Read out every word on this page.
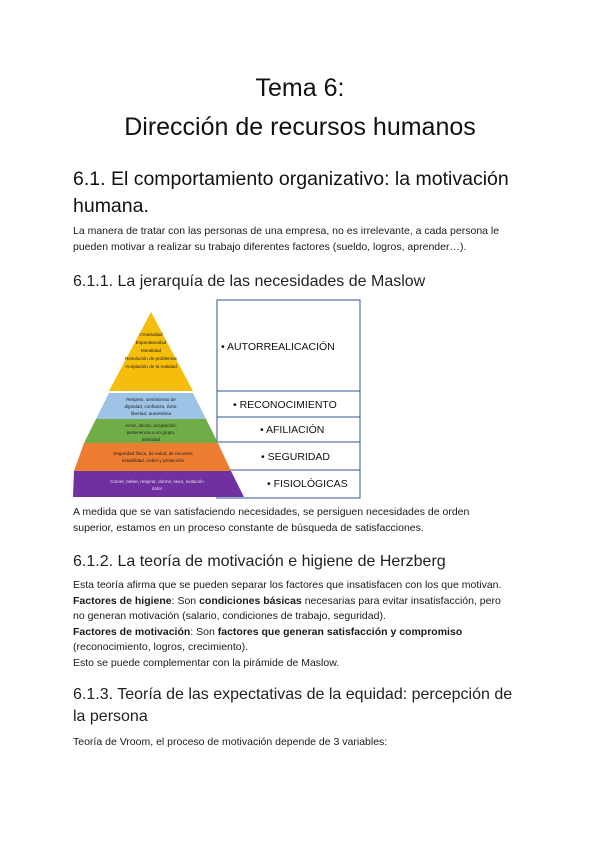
Tema 6:
Dirección de recursos humanos
6.1. El comportamiento organizativo: la motivación
humana.
La manera de tratar con las personas de una empresa, no es irrelevante, a cada persona le
pueden motivar a realizar su trabajo diferentes factores (sueldo, logros, aprender…).
6.1.1. La jerarquía de las necesidades de Maslow
Creatividad
Espontaneidad
Moralidad
Resolución de problemas
Aceptación de la realidad
Respeto, sentimiento de
dignidad, confianza, éxito,
libertad, autoestima
Amor, afecto, aceptación,
pertenencia a un grupo,
intimidad
Seguridad física, de salud, de recursos
estabilidad, orden y protección
Comer, beber, respirar, dormir, sexo, evitación
dolor
• AUTORREALICACIÓN
• RECONOCIMIENTO
• AFILIACIÓN
• SEGURIDAD
• FISIOLÓGICAS
A medida que se van satisfaciendo necesidades, se persiguen necesidades de orden
superior, estamos en un proceso constante de búsqueda de satisfacciones.
6.1.2. La teoría de motivación e higiene de Herzberg
Esta teoría afirma que se pueden separar los factores que insatisfacen con los que motivan.
Factores de higiene: Son condiciones básicas necesarias para evitar insatisfacción, pero
no generan motivación (salario, condiciones de trabajo, seguridad).
Factores de motivación: Son factores que generan satisfacción y compromiso
(reconocimiento, logros, crecimiento).
Esto se puede complementar con la pirámide de Maslow.
6.1.3. Teoría de las expectativas de la equidad: percepción de
la persona
Teoría de Vroom, el proceso de motivación depende de 3 variables:
